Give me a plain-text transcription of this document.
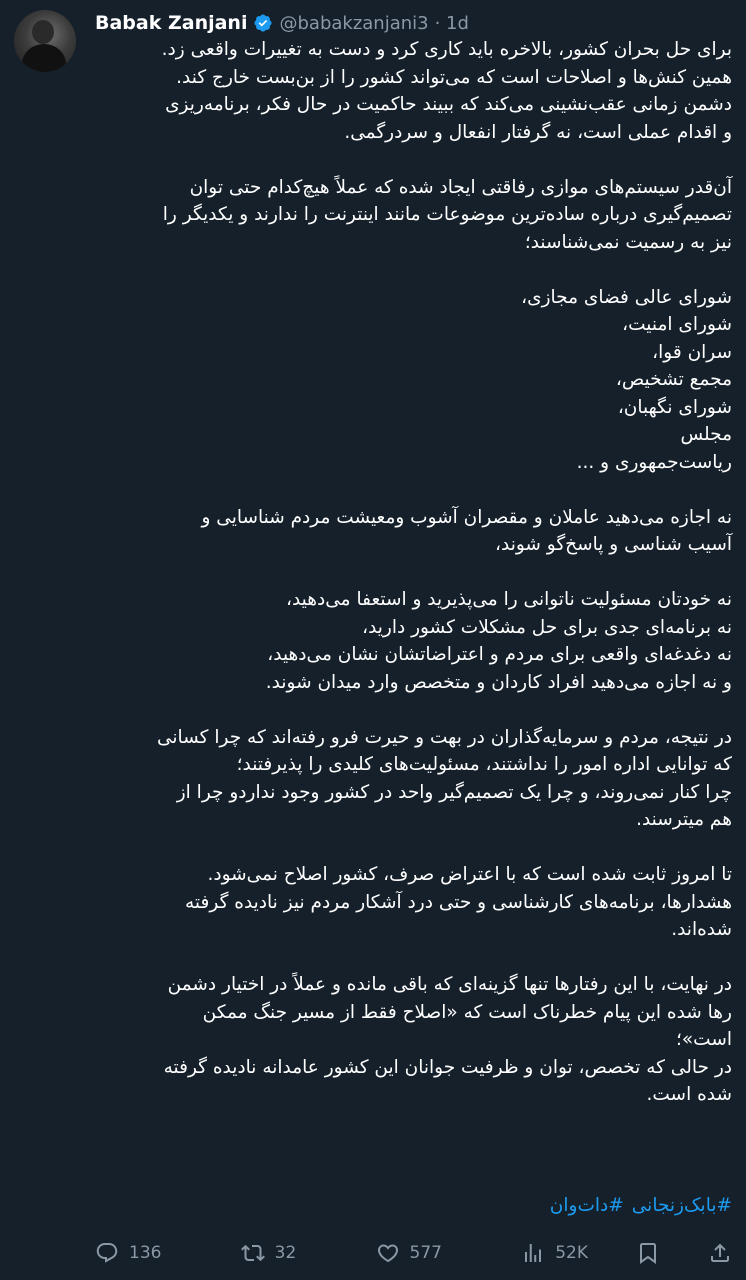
Babak Zanjani @babakzanjani3 · 1d

برای حل بحران کشور، بالاخره باید کاری کرد و دست به تغییرات واقعی زد.
همین کنش‌ها و اصلاحات است که می‌تواند کشور را از بن‌بست خارج کند.
دشمن زمانی عقب‌نشینی می‌کند که ببیند حاکمیت در حال فکر، برنامه‌ریزی
و اقدام عملی است، نه گرفتار انفعال و سردرگمی.

آن‌قدر سیستم‌های موازی رفاقتی ایجاد شده که عملاً هیچ‌کدام حتی توان
تصمیم‌گیری درباره ساده‌ترین موضوعات مانند اینترنت را ندارند و یکدیگر را
نیز به رسمیت نمی‌شناسند؛

شورای عالی فضای مجازی،
شورای امنیت،
سران قوا،
مجمع تشخیص،
شورای نگهبان،
مجلس
ریاست‌جمهوری و ...

نه اجازه می‌دهید عاملان و مقصران آشوب ومعیشت مردم شناسایی و
آسیب شناسی و پاسخ‌گو شوند،

نه خودتان مسئولیت ناتوانی را می‌پذیرید و استعفا می‌دهید،
نه برنامه‌ای جدی برای حل مشکلات کشور دارید،
نه دغدغه‌ای واقعی برای مردم و اعتراضاتشان نشان می‌دهید،
و نه اجازه می‌دهید افراد کاردان و متخصص وارد میدان شوند.

در نتیجه، مردم و سرمایه‌گذاران در بهت و حیرت فرو رفته‌اند که چرا کسانی
که توانایی اداره امور را نداشتند، مسئولیت‌های کلیدی را پذیرفتند؛
چرا کنار نمی‌روند، و چرا یک تصمیم‌گیر واحد در کشور وجود نداردو چرا از
هم میترسند.

تا امروز ثابت شده است که با اعتراض صرف، کشور اصلاح نمی‌شود.
هشدارها، برنامه‌های کارشناسی و حتی درد آشکار مردم نیز نادیده گرفته
شده‌اند.

در نهایت، با این رفتارها تنها گزینه‌ای که باقی مانده و عملاً در اختیار دشمن
رها شده این پیام خطرناک است که «اصلاح فقط از مسیر جنگ ممکن
است»؛
در حالی که تخصص، توان و ظرفیت جوانان این کشور عامدانه نادیده گرفته
شده است.

#بابک‌زنجانی
#دات‌وان
136	32	577	52K
